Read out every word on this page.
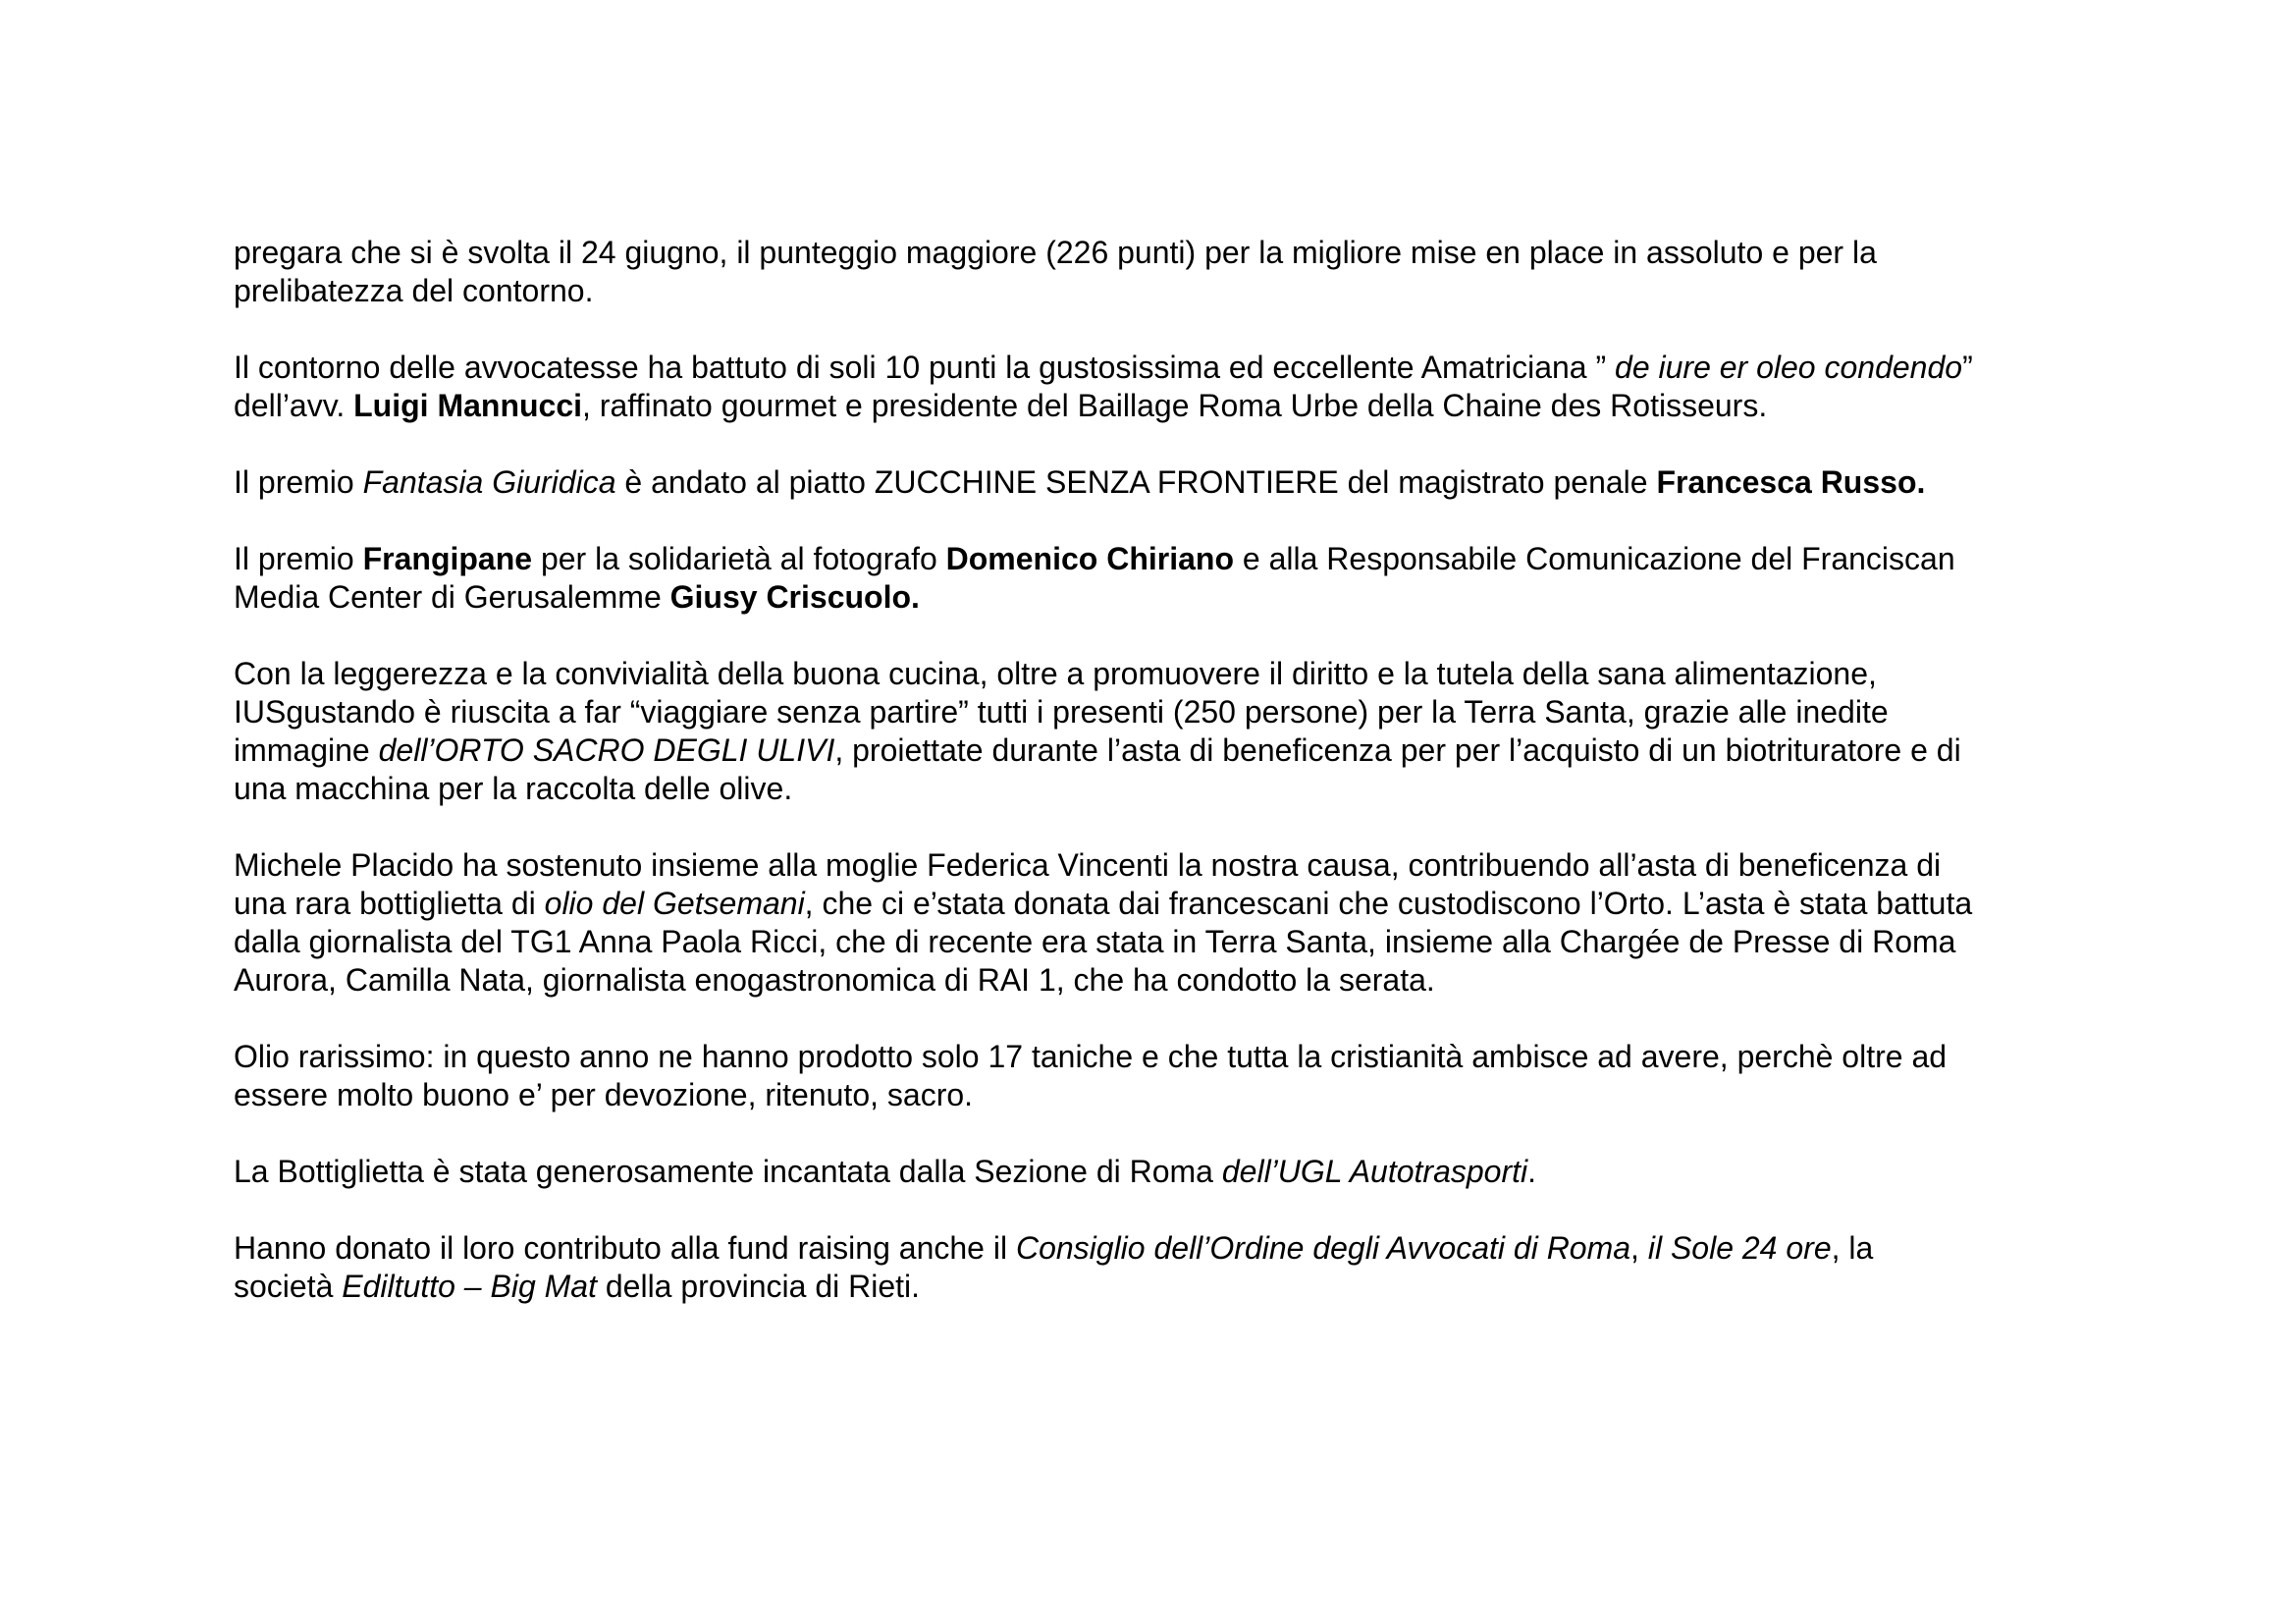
pregara che si è svolta il 24 giugno, il punteggio maggiore (226 punti) per la migliore mise en place in assoluto e per la
prelibatezza del contorno.

Il contorno delle avvocatesse ha battuto di soli 10 punti la gustosissima ed eccellente Amatriciana ” de iure er oleo condendo”
dell’avv. Luigi Mannucci, raffinato gourmet e presidente del Baillage Roma Urbe della Chaine des Rotisseurs.

Il premio Fantasia Giuridica è andato al piatto ZUCCHINE SENZA FRONTIERE del magistrato penale Francesca Russo.

Il premio Frangipane per la solidarietà al fotografo Domenico Chiriano e alla Responsabile Comunicazione del Franciscan
Media Center di Gerusalemme Giusy Criscuolo.

Con la leggerezza e la convivialità della buona cucina, oltre a promuovere il diritto e la tutela della sana alimentazione,
IUSgustando è riuscita a far “viaggiare senza partire” tutti i presenti (250 persone) per la Terra Santa, grazie alle inedite
immagine dell’ORTO SACRO DEGLI ULIVI, proiettate durante l’asta di beneficenza per per l’acquisto di un biotrituratore e di
una macchina per la raccolta delle olive.

Michele Placido ha sostenuto insieme alla moglie Federica Vincenti la nostra causa, contribuendo all’asta di beneficenza di
una rara bottiglietta di olio del Getsemani, che ci e’stata donata dai francescani che custodiscono l’Orto. L’asta è stata battuta
dalla giornalista del TG1 Anna Paola Ricci, che di recente era stata in Terra Santa, insieme alla Chargée de Presse di Roma
Aurora, Camilla Nata, giornalista enogastronomica di RAI 1, che ha condotto la serata.

Olio rarissimo: in questo anno ne hanno prodotto solo 17 taniche e che tutta la cristianità ambisce ad avere, perchè oltre ad
essere molto buono e’ per devozione, ritenuto, sacro.

La Bottiglietta è stata generosamente incantata dalla Sezione di Roma dell’UGL Autotrasporti.

Hanno donato il loro contributo alla fund raising anche il Consiglio dell’Ordine degli Avvocati di Roma, il Sole 24 ore, la
società Ediltutto – Big Mat della provincia di Rieti.
